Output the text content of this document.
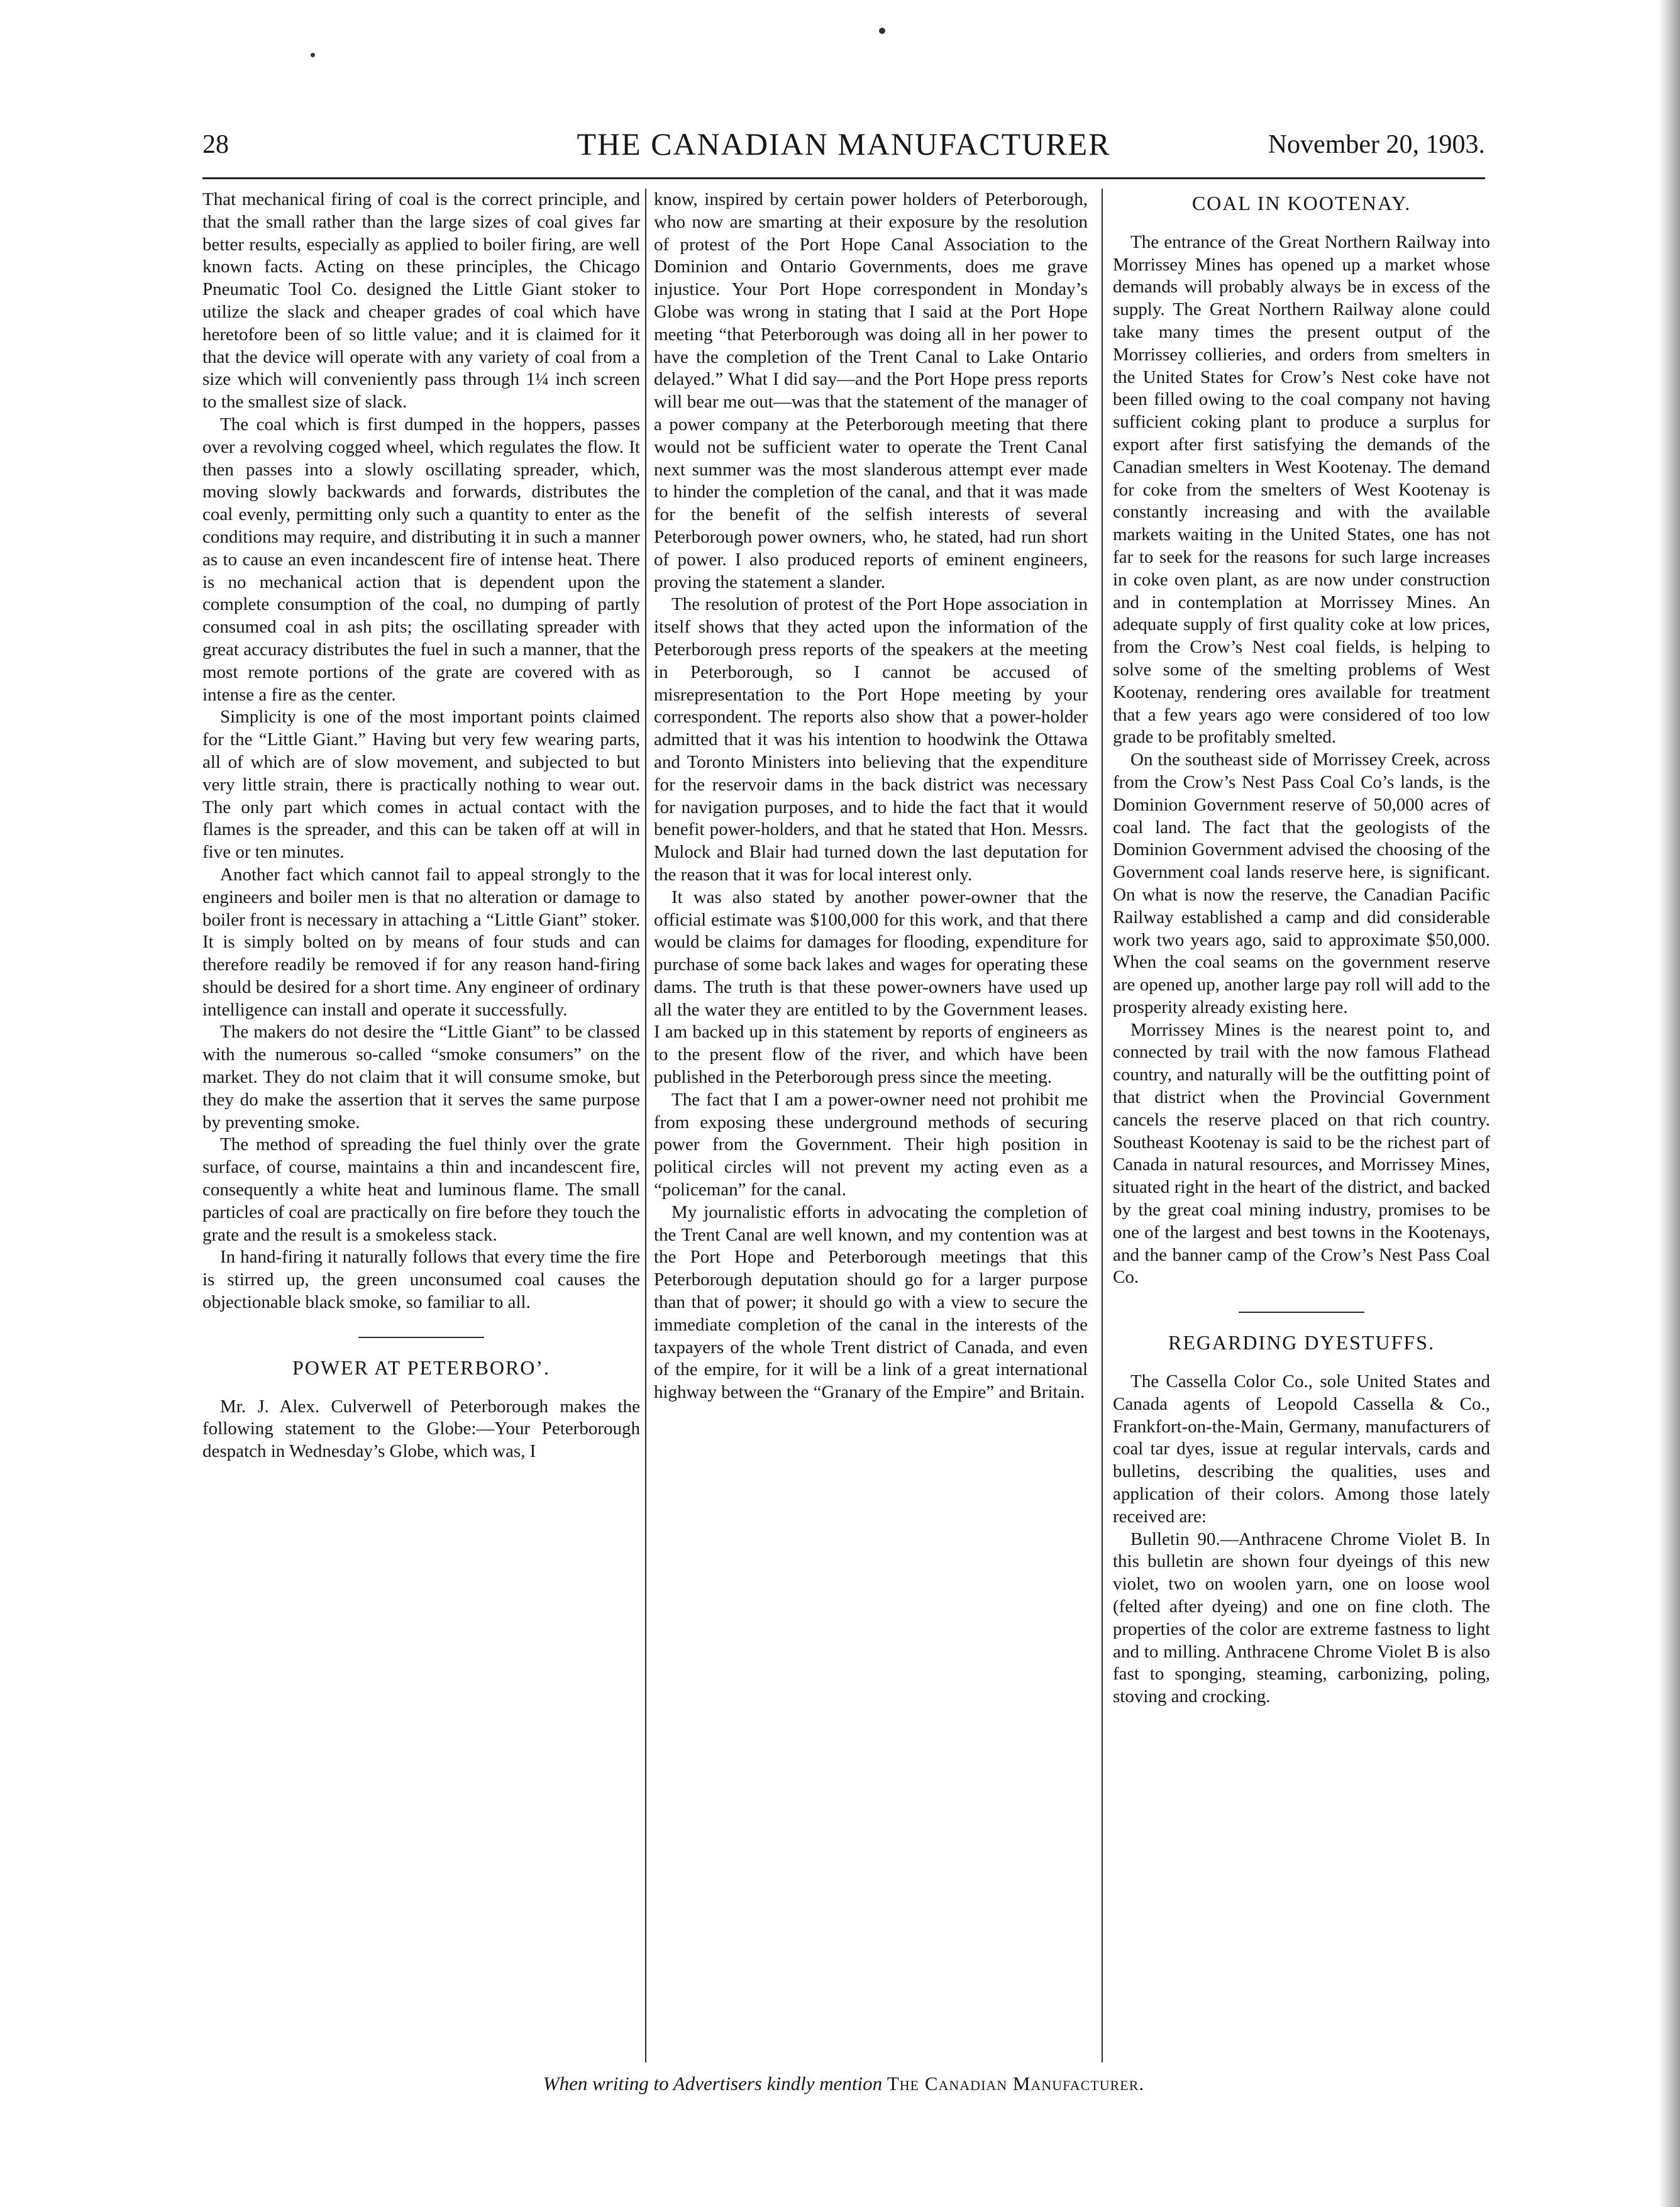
28	THE CANADIAN MANUFACTURER	November 20, 1903.

That mechanical firing of coal is the correct principle, and that the small rather than the large sizes of coal gives far better results, especially as applied to boiler firing, are well known facts. Acting on these principles, the Chicago Pneumatic Tool Co. designed the Little Giant stoker to utilize the slack and cheaper grades of coal which have heretofore been of so little value; and it is claimed for it that the device will operate with any variety of coal from a size which will conveniently pass through 1¼ inch screen to the smallest size of slack.

The coal which is first dumped in the hoppers, passes over a revolving cogged wheel, which regulates the flow. It then passes into a slowly oscillating spreader, which, moving slowly backwards and forwards, distributes the coal evenly, permitting only such a quantity to enter as the conditions may require, and distributing it in such a manner as to cause an even incandescent fire of intense heat. There is no mechanical action that is dependent upon the complete consumption of the coal, no dumping of partly consumed coal in ash pits; the oscillating spreader with great accuracy distributes the fuel in such a manner, that the most remote portions of the grate are covered with as intense a fire as the center.

Simplicity is one of the most important points claimed for the “Little Giant.” Having but very few wearing parts, all of which are of slow movement, and subjected to but very little strain, there is practically nothing to wear out. The only part which comes in actual contact with the flames is the spreader, and this can be taken off at will in five or ten minutes.

Another fact which cannot fail to appeal strongly to the engineers and boiler men is that no alteration or damage to boiler front is necessary in attaching a “Little Giant” stoker. It is simply bolted on by means of four studs and can therefore readily be removed if for any reason hand-firing should be desired for a short time. Any engineer of ordinary intelligence can install and operate it successfully.

The makers do not desire the “Little Giant” to be classed with the numerous so-called “smoke consumers” on the market. They do not claim that it will consume smoke, but they do make the assertion that it serves the same purpose by preventing smoke.

The method of spreading the fuel thinly over the grate surface, of course, maintains a thin and incandescent fire, consequently a white heat and luminous flame. The small particles of coal are practically on fire before they touch the grate and the result is a smokeless stack.

In hand-firing it naturally follows that every time the fire is stirred up, the green unconsumed coal causes the objectionable black smoke, so familiar to all.

POWER AT PETERBORO’.

Mr. J. Alex. Culverwell of Peterborough makes the following statement to the Globe:—Your Peterborough despatch in Wednesday’s Globe, which was, I

know, inspired by certain power holders of Peterborough, who now are smarting at their exposure by the resolution of protest of the Port Hope Canal Association to the Dominion and Ontario Governments, does me grave injustice. Your Port Hope correspondent in Monday’s Globe was wrong in stating that I said at the Port Hope meeting “that Peterborough was doing all in her power to have the completion of the Trent Canal to Lake Ontario delayed.” What I did say—and the Port Hope press reports will bear me out—was that the statement of the manager of a power company at the Peterborough meeting that there would not be sufficient water to operate the Trent Canal next summer was the most slanderous attempt ever made to hinder the completion of the canal, and that it was made for the benefit of the selfish interests of several Peterborough power owners, who, he stated, had run short of power. I also produced reports of eminent engineers, proving the statement a slander.

The resolution of protest of the Port Hope association in itself shows that they acted upon the information of the Peterborough press reports of the speakers at the meeting in Peterborough, so I cannot be accused of misrepresentation to the Port Hope meeting by your correspondent. The reports also show that a power-holder admitted that it was his intention to hoodwink the Ottawa and Toronto Ministers into believing that the expenditure for the reservoir dams in the back district was necessary for navigation purposes, and to hide the fact that it would benefit power-holders, and that he stated that Hon. Messrs. Mulock and Blair had turned down the last deputation for the reason that it was for local interest only.

It was also stated by another power-owner that the official estimate was $100,000 for this work, and that there would be claims for damages for flooding, expenditure for purchase of some back lakes and wages for operating these dams. The truth is that these power-owners have used up all the water they are entitled to by the Government leases. I am backed up in this statement by reports of engineers as to the present flow of the river, and which have been published in the Peterborough press since the meeting.

The fact that I am a power-owner need not prohibit me from exposing these underground methods of securing power from the Government. Their high position in political circles will not prevent my acting even as a “policeman” for the canal.

My journalistic efforts in advocating the completion of the Trent Canal are well known, and my contention was at the Port Hope and Peterborough meetings that this Peterborough deputation should go for a larger purpose than that of power; it should go with a view to secure the immediate completion of the canal in the interests of the taxpayers of the whole Trent district of Canada, and even of the empire, for it will be a link of a great international highway between the “Granary of the Empire” and Britain.

COAL IN KOOTENAY.

The entrance of the Great Northern Railway into Morrissey Mines has opened up a market whose demands will probably always be in excess of the supply. The Great Northern Railway alone could take many times the present output of the Morrissey collieries, and orders from smelters in the United States for Crow’s Nest coke have not been filled owing to the coal company not having sufficient coking plant to produce a surplus for export after first satisfying the demands of the Canadian smelters in West Kootenay. The demand for coke from the smelters of West Kootenay is constantly increasing and with the available markets waiting in the United States, one has not far to seek for the reasons for such large increases in coke oven plant, as are now under construction and in contemplation at Morrissey Mines. An adequate supply of first quality coke at low prices, from the Crow’s Nest coal fields, is helping to solve some of the smelting problems of West Kootenay, rendering ores available for treatment that a few years ago were considered of too low grade to be profitably smelted.

On the southeast side of Morrissey Creek, across from the Crow’s Nest Pass Coal Co’s lands, is the Dominion Government reserve of 50,000 acres of coal land. The fact that the geologists of the Dominion Government advised the choosing of the Government coal lands reserve here, is significant. On what is now the reserve, the Canadian Pacific Railway established a camp and did considerable work two years ago, said to approximate $50,000. When the coal seams on the government reserve are opened up, another large pay roll will add to the prosperity already existing here.

Morrissey Mines is the nearest point to, and connected by trail with the now famous Flathead country, and naturally will be the outfitting point of that district when the Provincial Government cancels the reserve placed on that rich country. Southeast Kootenay is said to be the richest part of Canada in natural resources, and Morrissey Mines, situated right in the heart of the district, and backed by the great coal mining industry, promises to be one of the largest and best towns in the Kootenays, and the banner camp of the Crow’s Nest Pass Coal Co.

REGARDING DYESTUFFS.

The Cassella Color Co., sole United States and Canada agents of Leopold Cassella & Co., Frankfort-on-the-Main, Germany, manufacturers of coal tar dyes, issue at regular intervals, cards and bulletins, describing the qualities, uses and application of their colors. Among those lately received are:

Bulletin 90.—Anthracene Chrome Violet B. In this bulletin are shown four dyeings of this new violet, two on woolen yarn, one on loose wool (felted after dyeing) and one on fine cloth. The properties of the color are extreme fastness to light and to milling. Anthracene Chrome Violet B is also fast to sponging, steaming, carbonizing, poling, stoving and crocking.

When writing to Advertisers kindly mention The Canadian Manufacturer.
